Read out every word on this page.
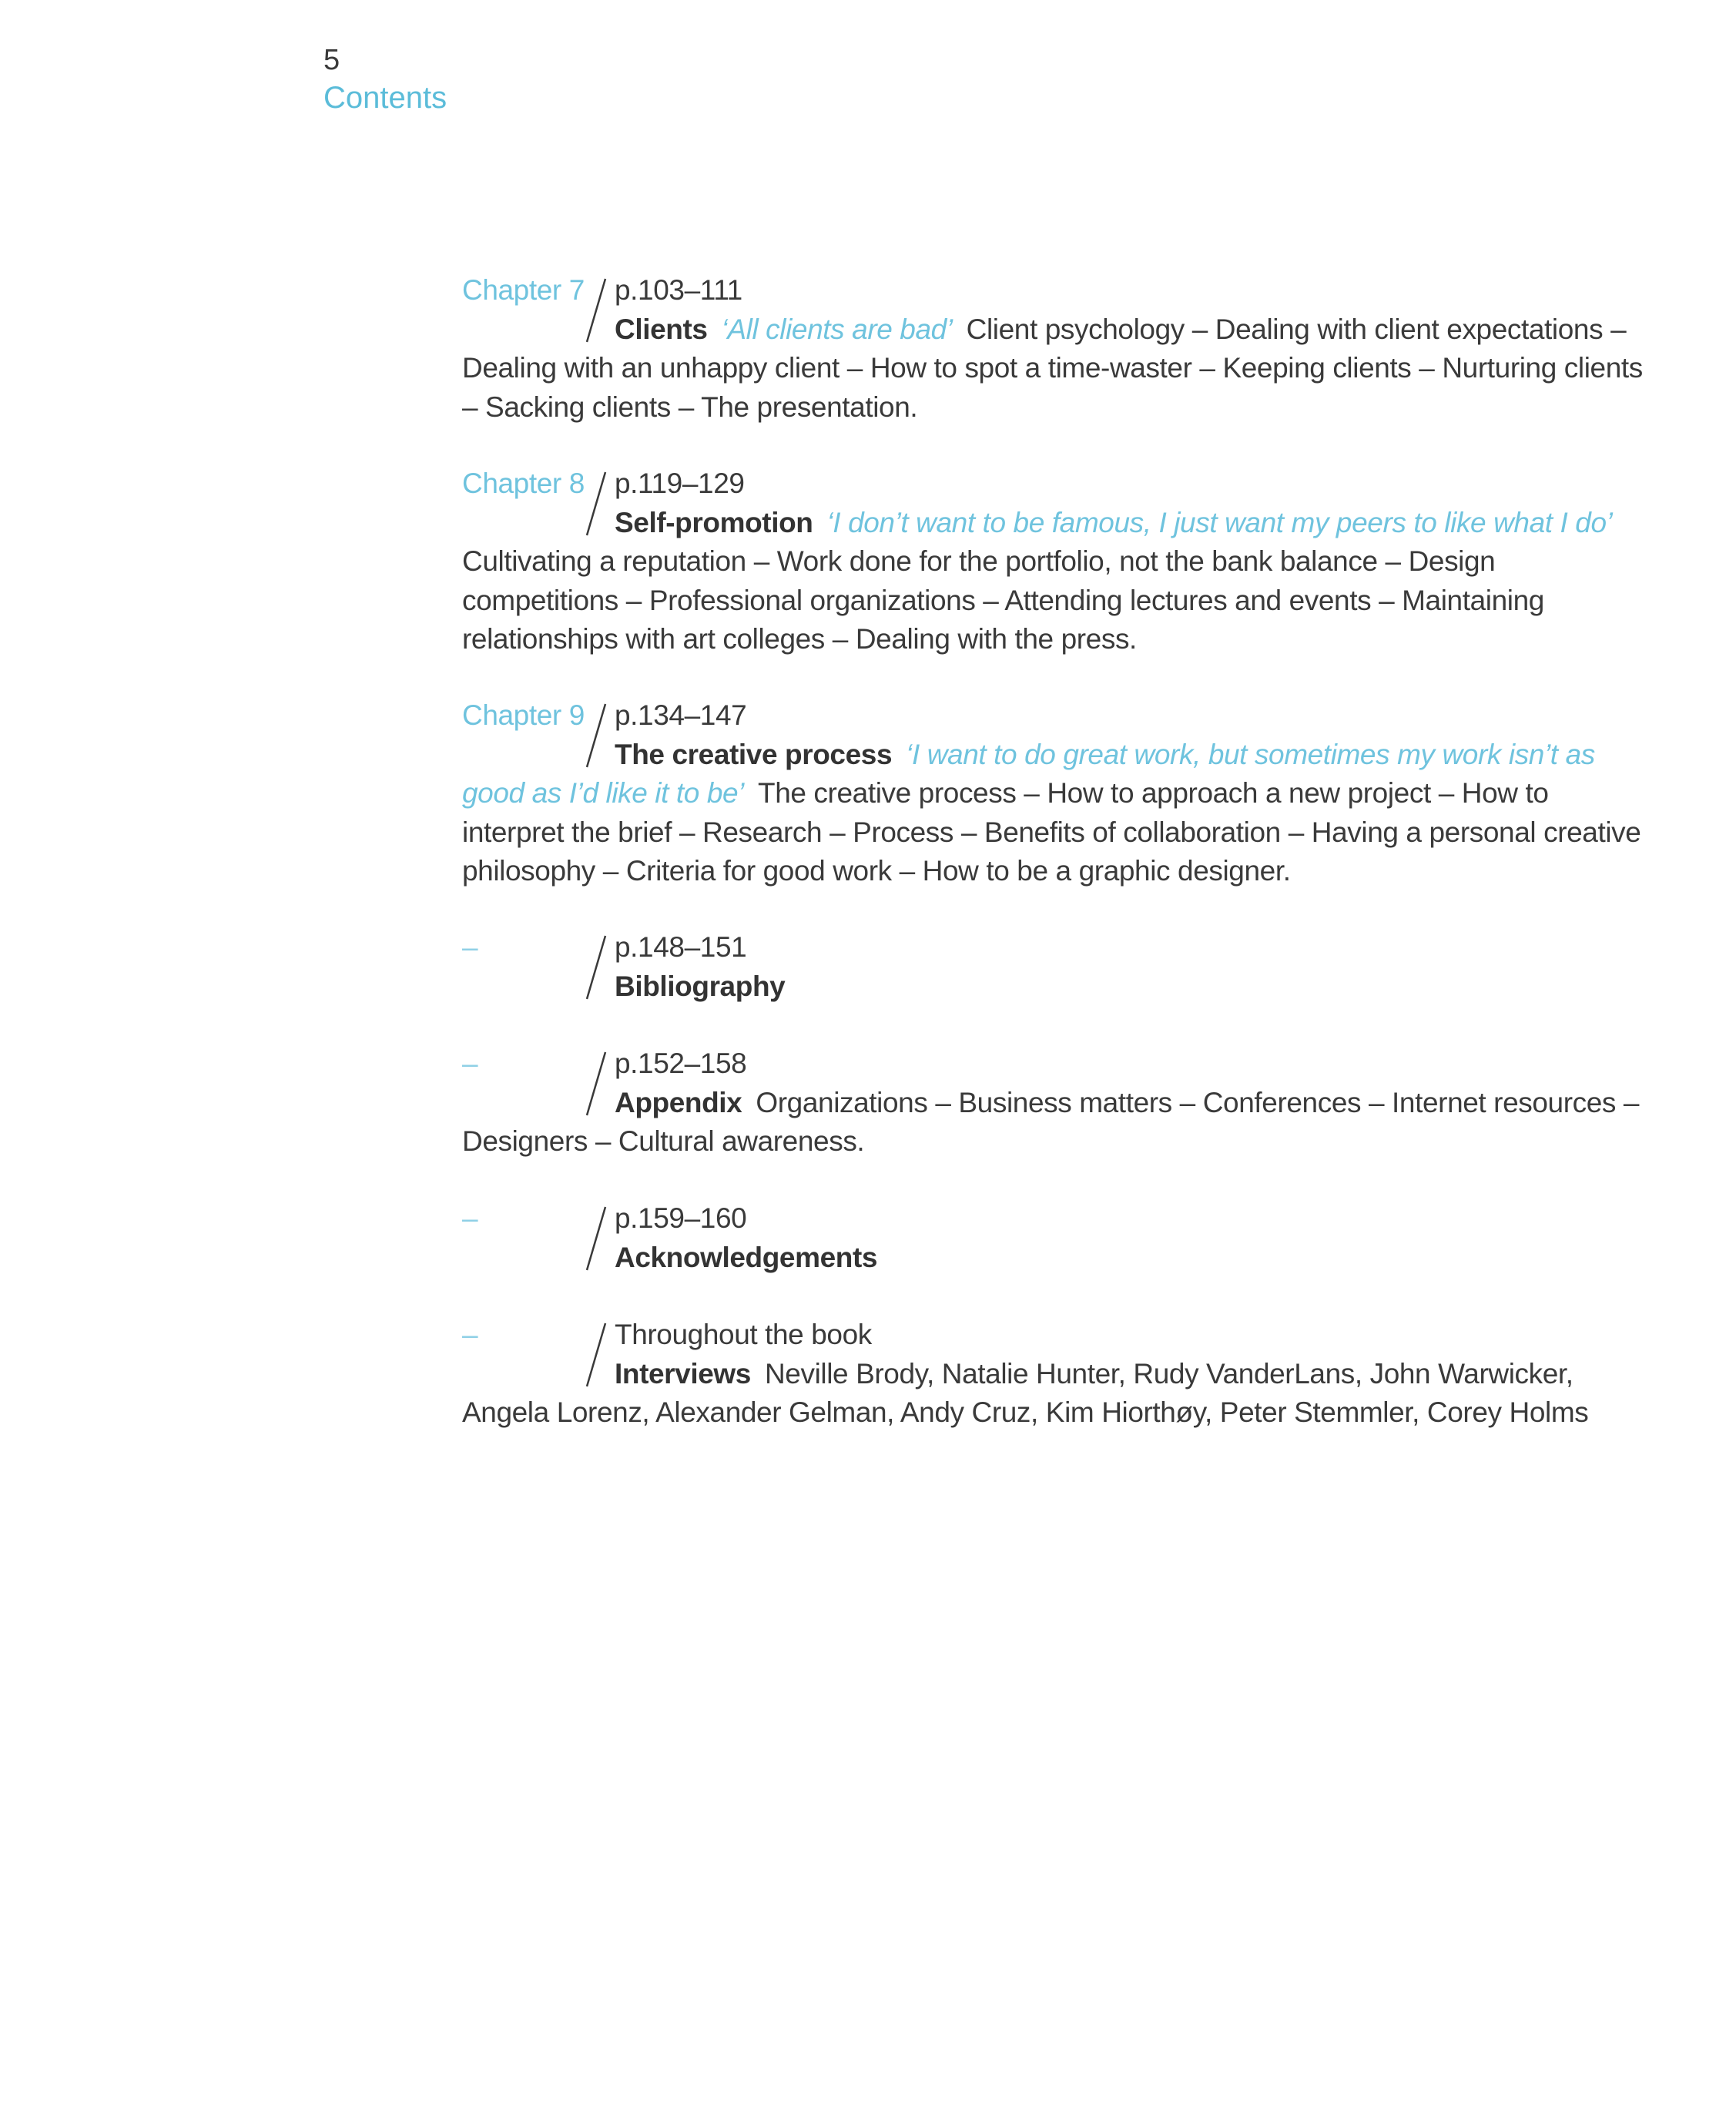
5
Contents
Chapter 7 p.103–111
Clients ‘All clients are bad’ Client psychology – Dealing with client expectations – Dealing with an unhappy client – How to spot a time-waster – Keeping clients – Nurturing clients – Sacking clients – The presentation.
Chapter 8 p.119–129
Self-promotion ‘I don’t want to be famous, I just want my peers to like what I do’Cultivating a reputation – Work done for the portfolio, not the bank balance – Design competitions – Professional organizations – Attending lectures and events – Maintaining relationships with art colleges – Dealing with the press.
Chapter 9 p.134–147
The creative process ‘I want to do great work, but sometimes my work isn’t as good as I’d like it to be’ The creative process – How to approach a new project – How to interpret the brief – Research – Process – Benefits of collaboration – Having a personal creative philosophy – Criteria for good work – How to be a graphic designer.
–	p.148–151
Bibliography
–	p.152–158
Appendix Organizations – Business matters – Conferences – Internet resources – Designers – Cultural awareness.
–	p.159–160
Acknowledgements
–	Throughout the book
Interviews Neville Brody, Natalie Hunter, Rudy VanderLans, John Warwicker, Angela Lorenz, Alexander Gelman, Andy Cruz, Kim Hiorthøy, Peter Stemmler, Corey Holms
